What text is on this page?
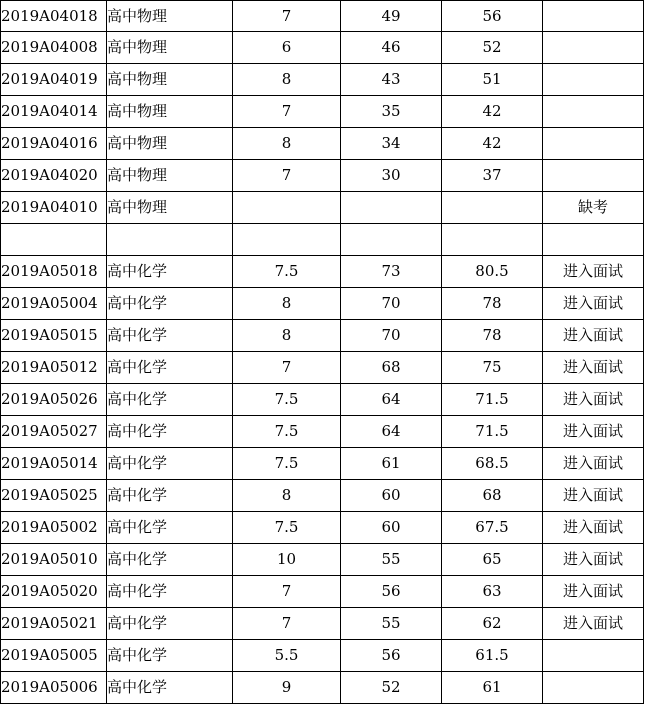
2019A04018	高中物理	7	49	56	
2019A04008	高中物理	6	46	52	
2019A04019	高中物理	8	43	51	
2019A04014	高中物理	7	35	42	
2019A04016	高中物理	8	34	42	
2019A04020	高中物理	7	30	37	
2019A04010	高中物理				缺考

2019A05018	高中化学	7.5	73	80.5	进入面试
2019A05004	高中化学	8	70	78	进入面试
2019A05015	高中化学	8	70	78	进入面试
2019A05012	高中化学	7	68	75	进入面试
2019A05026	高中化学	7.5	64	71.5	进入面试
2019A05027	高中化学	7.5	64	71.5	进入面试
2019A05014	高中化学	7.5	61	68.5	进入面试
2019A05025	高中化学	8	60	68	进入面试
2019A05002	高中化学	7.5	60	67.5	进入面试
2019A05010	高中化学	10	55	65	进入面试
2019A05020	高中化学	7	56	63	进入面试
2019A05021	高中化学	7	55	62	进入面试
2019A05005	高中化学	5.5	56	61.5	
2019A05006	高中化学	9	52	61	
